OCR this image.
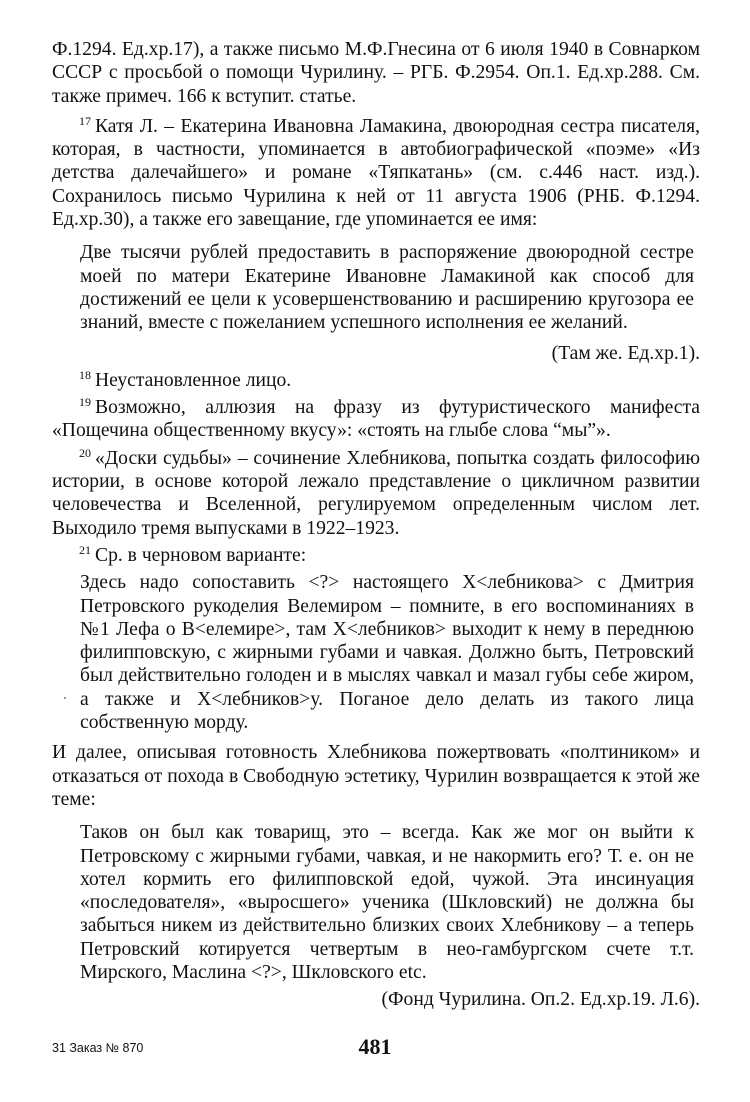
Ф.1294. Ед.хр.17), а также письмо М.Ф.Гнесина от 6 июля 1940 в Совнарком СССР с просьбой о помощи Чурилину. – РГБ. Ф.2954. Оп.1. Ед.хр.288. См. также примеч. 166 к вступит. статье.

$^{17}$ Катя Л. – Екатерина Ивановна Ламакина, двоюродная сестра писателя, которая, в частности, упоминается в автобиографической «поэме» «Из детства далечайшего» и романе «Тяпкатань» (см. с.446 наст. изд.). Сохранилось письмо Чурилина к ней от 11 августа 1906 (РНБ. Ф.1294. Ед.хр.30), а также его завещание, где упоминается ее имя:

Две тысячи рублей предоставить в распоряжение двоюродной сестре моей по матери Екатерине Ивановне Ламакиной как способ для достижений ее цели к усовершенствованию и расширению кругозора ее знаний, вместе с пожеланием успешного исполнения ее желаний.

(Там же. Ед.хр.1).

$^{18}$ Неустановленное лицо.

$^{19}$ Возможно, аллюзия на фразу из футуристического манифеста «Пощечина общественному вкусу»: «стоять на глыбе слова “мы”».

$^{20}$ «Доски судьбы» – сочинение Хлебникова, попытка создать философию истории, в основе которой лежало представление о цикличном развитии человечества и Вселенной, регулируемом определенным числом лет. Выходило тремя выпусками в 1922–1923.

$^{21}$ Ср. в черновом варианте:

Здесь надо сопоставить <?> настоящего Х<лебникова> с Дмитрия Петровского рукоделия Велемиром – помните, в его воспоминаниях в №1 Лефа о В<елемире>, там Х<лебников> выходит к нему в переднюю филипповскую, с жирными губами и чавкая. Должно быть, Петровский был действительно голоден и в мыслях чавкал и мазал губы себе жиром, а также и Х<лебников>у. Поганое дело делать из такого лица собственную морду.

И далее, описывая готовность Хлебникова пожертвовать «полтиником» и отказаться от похода в Свободную эстетику, Чурилин возвращается к этой же теме:

Таков он был как товарищ, это – всегда. Как же мог он выйти к Петровскому с жирными губами, чавкая, и не накормить его? Т. е. он не хотел кормить его филипповской едой, чужой. Эта инсинуация «последователя», «выросшего» ученика (Шкловский) не должна бы забыться никем из действительно близких своих Хлебникову – а теперь Петровский котируется четвертым в нео-гамбургском счете т.т. Мирского, Маслина <?>, Шкловского etc.

(Фонд Чурилина. Оп.2. Ед.хр.19. Л.6).

31 Заказ № 870	481
